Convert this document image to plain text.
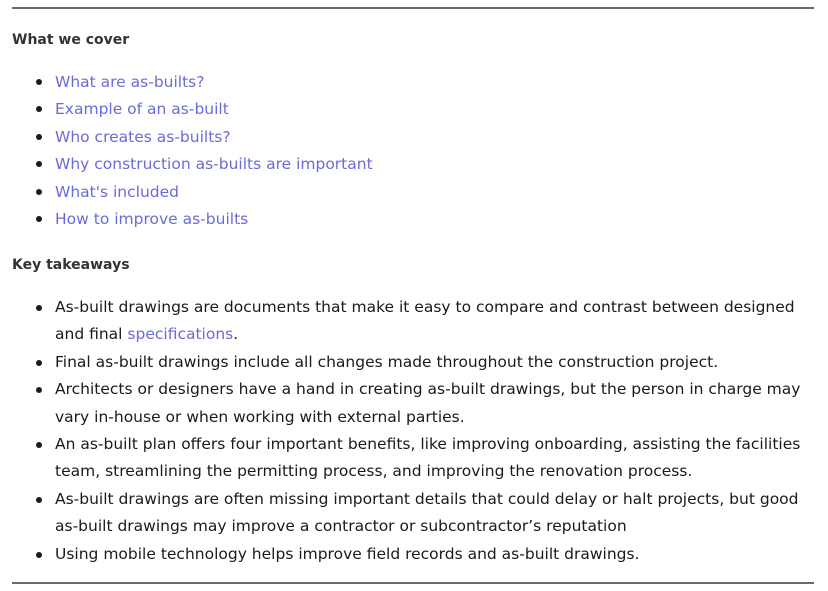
What we cover
What are as-builts?
Example of an as-built
Who creates as-builts?
Why construction as-builts are important
What's included
How to improve as-builts
Key takeaways
As-built drawings are documents that make it easy to compare and contrast between designed and final specifications.
Final as-built drawings include all changes made throughout the construction project.
Architects or designers have a hand in creating as-built drawings, but the person in charge may vary in-house or when working with external parties.
An as-built plan offers four important benefits, like improving onboarding, assisting the facilities team, streamlining the permitting process, and improving the renovation process.
As-built drawings are often missing important details that could delay or halt projects, but good as-built drawings may improve a contractor or subcontractor’s reputation
Using mobile technology helps improve field records and as-built drawings.
